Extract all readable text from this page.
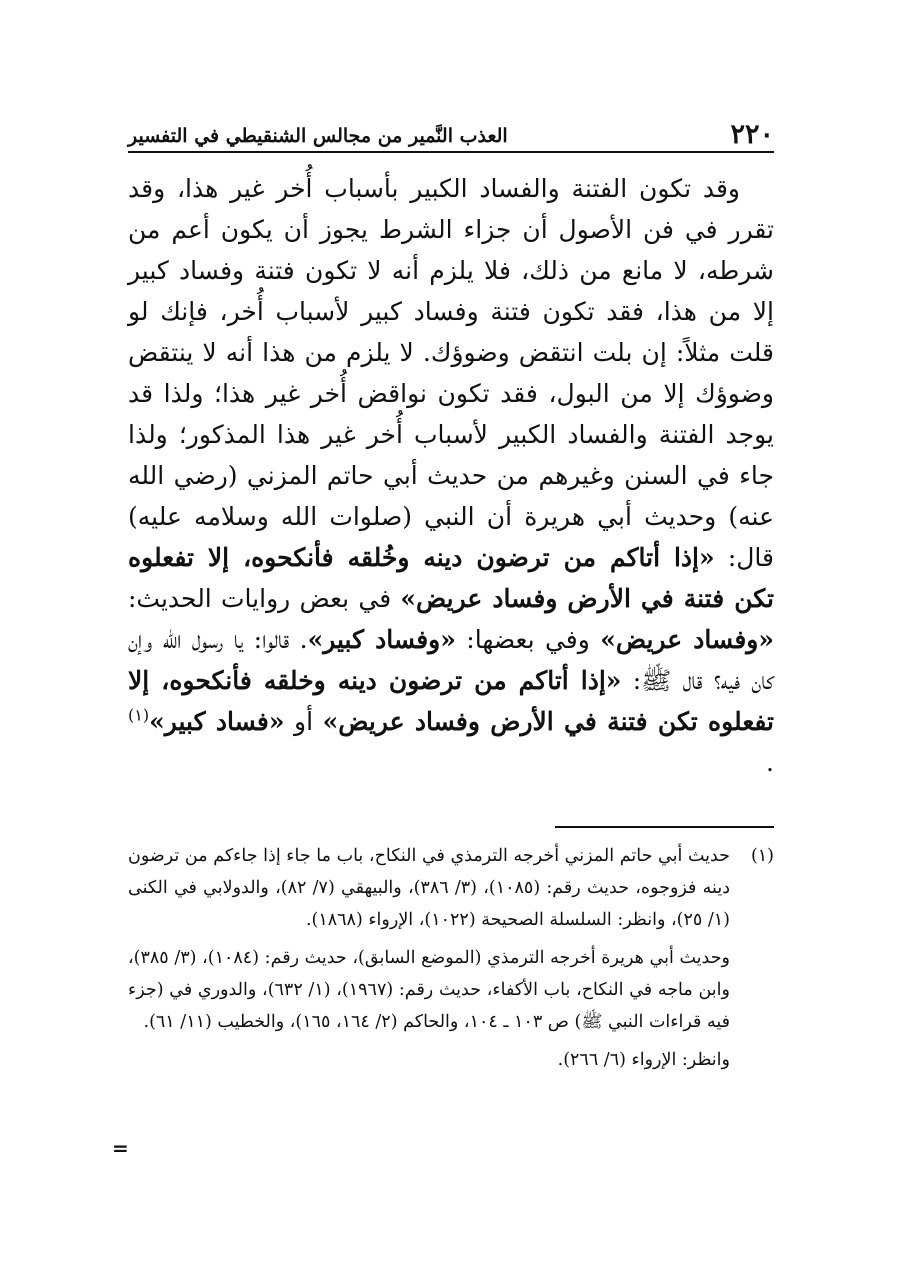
٢٢٠
العذب النَّمير من مجالس الشنقيطي في التفسير

وقد تكون الفتنة والفساد الكبير بأسباب أُخر غير هذا، وقد تقرر في فن الأصول أن جزاء الشرط يجوز أن يكون أعم من شرطه، لا مانع من ذلك، فلا يلزم أنه لا تكون فتنة وفساد كبير إلا من هذا، فقد تكون فتنة وفساد كبير لأسباب أُخر، فإنك لو قلت مثلاً: إن بلت انتقض وضوؤك. لا يلزم من هذا أنه لا ينتقض وضوؤك إلا من البول، فقد تكون نواقض أُخر غير هذا؛ ولذا قد يوجد الفتنة والفساد الكبير لأسباب أُخر غير هذا المذكور؛ ولذا جاء في السنن وغيرهم من حديث أبي حاتم المزني (رضي الله عنه) وحديث أبي هريرة أن النبي (صلوات الله وسلامه عليه) قال: «إذا أتاكم من ترضون دينه وخُلقه فأنكحوه، إلا تفعلوه تكن فتنة في الأرض وفساد عريض» في بعض روايات الحديث: «وفساد عريض» وفي بعضها: «وفساد كبير». قالوا: يا رسول الله وإن كان فيه؟ قال ﷺ: «إذا أتاكم من ترضون دينه وخلقه فأنكحوه، إلا تفعلوه تكن فتنة في الأرض وفساد عريض» أو «فساد كبير»$^{(١)}$ .

(١)

حديث أبي حاتم المزني أخرجه الترمذي في النكاح، باب ما جاء إذا جاءكم من ترضون دينه فزوجوه، حديث رقم: (١٠٨٥)، (٣/ ٣٨٦)، والبيهقي (٧/ ٨٢)، والدولابي في الكنى (١/ ٢٥)، وانظر: السلسلة الصحيحة (١٠٢٢)، الإرواء (١٨٦٨).

وحديث أبي هريرة أخرجه الترمذي (الموضع السابق)، حديث رقم: (١٠٨٤)، (٣/ ٣٨٥)، وابن ماجه في النكاح، باب الأكفاء، حديث رقم: (١٩٦٧)، (١/ ٦٣٢)، والدوري في (جزء فيه قراءات النبي ﷺ) ص ١٠٣ ـ ١٠٤، والحاكم (٢/ ١٦٤، ١٦٥)، والخطيب (١١/ ٦١).

وانظر: الإرواء (٦/ ٢٦٦).

=
